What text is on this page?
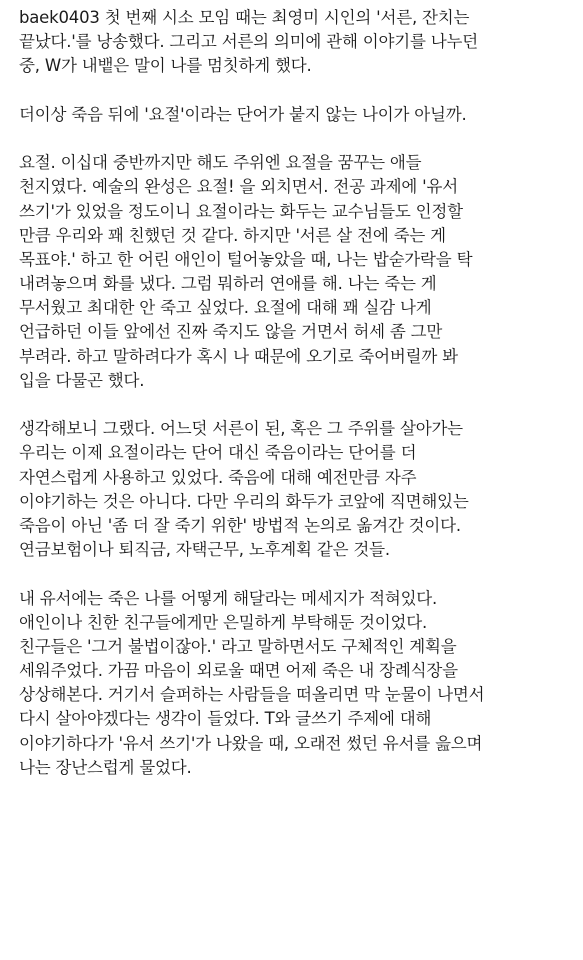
baek0403 첫 번째 시소 모임 때는 최영미 시인의 '서른, 잔치는
끝났다.'를 낭송했다. 그리고 서른의 의미에 관해 이야기를 나누던
중, W가 내뱉은 말이 나를 멈칫하게 했다.
더이상 죽음 뒤에 '요절'이라는 단어가 붙지 않는 나이가 아닐까.
요절. 이십대 중반까지만 해도 주위엔 요절을 꿈꾸는 애들
천지였다. 예술의 완성은 요절! 을 외치면서. 전공 과제에 '유서
쓰기'가 있었을 정도이니 요절이라는 화두는 교수님들도 인정할
만큼 우리와 꽤 친했던 것 같다. 하지만 '서른 살 전에 죽는 게
목표야.' 하고 한 어린 애인이 털어놓았을 때, 나는 밥숟가락을 탁
내려놓으며 화를 냈다. 그럼 뭐하러 연애를 해. 나는 죽는 게
무서웠고 최대한 안 죽고 싶었다. 요절에 대해 꽤 실감 나게
언급하던 이들 앞에선 진짜 죽지도 않을 거면서 허세 좀 그만
부려라. 하고 말하려다가 혹시 나 때문에 오기로 죽어버릴까 봐
입을 다물곤 했다.
생각해보니 그랬다. 어느덧 서른이 된, 혹은 그 주위를 살아가는
우리는 이제 요절이라는 단어 대신 죽음이라는 단어를 더
자연스럽게 사용하고 있었다. 죽음에 대해 예전만큼 자주
이야기하는 것은 아니다. 다만 우리의 화두가 코앞에 직면해있는
죽음이 아닌 '좀 더 잘 죽기 위한' 방법적 논의로 옮겨간 것이다.
연금보험이나 퇴직금, 자택근무, 노후계획 같은 것들.
내 유서에는 죽은 나를 어떻게 해달라는 메세지가 적혀있다.
애인이나 친한 친구들에게만 은밀하게 부탁해둔 것이었다.
친구들은 '그거 불법이잖아.' 라고 말하면서도 구체적인 계획을
세워주었다. 가끔 마음이 외로울 때면 어제 죽은 내 장례식장을
상상해본다. 거기서 슬퍼하는 사람들을 떠올리면 막 눈물이 나면서
다시 살아야겠다는 생각이 들었다. T와 글쓰기 주제에 대해
이야기하다가 '유서 쓰기'가 나왔을 때, 오래전 썼던 유서를 읊으며
나는 장난스럽게 물었다.
